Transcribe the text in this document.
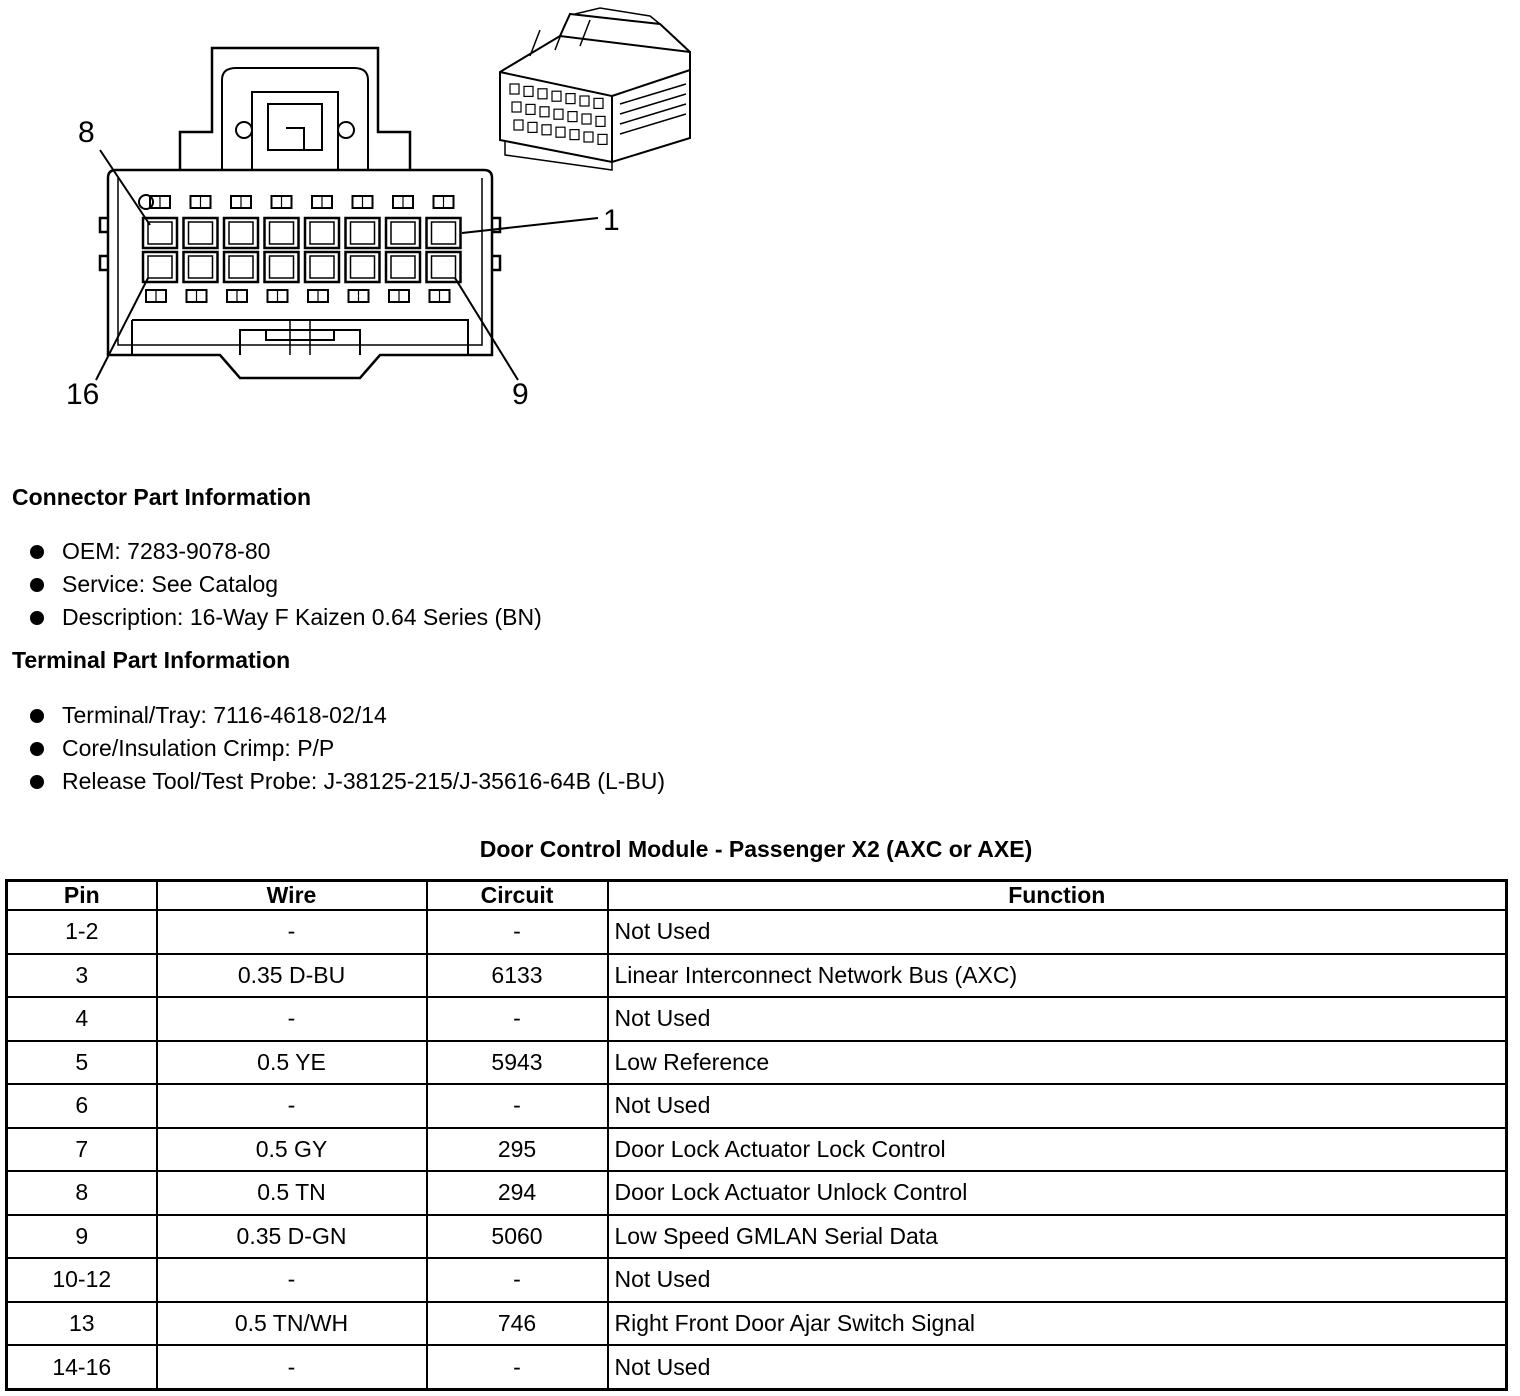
8
1
16	9
Connector Part Information
OEM: 7283-9078-80
Service: See Catalog
Description: 16-Way F Kaizen 0.64 Series (BN)
Terminal Part Information
Terminal/Tray: 7116-4618-02/14
Core/Insulation Crimp: P/P
Release Tool/Test Probe: J-38125-215/J-35616-64B (L-BU)
Door Control Module - Passenger X2 (AXC or AXE)
Pin	Wire	Circuit	Function
1-2	-	-	Not Used
3	0.35 D-BU	6133	Linear Interconnect Network Bus (AXC)
4	-	-	Not Used
5	0.5 YE	5943	Low Reference
6	-	-	Not Used
7	0.5 GY	295	Door Lock Actuator Lock Control
8	0.5 TN	294	Door Lock Actuator Unlock Control
9	0.35 D-GN	5060	Low Speed GMLAN Serial Data
10-12	-	-	Not Used
13	0.5 TN/WH	746	Right Front Door Ajar Switch Signal
14-16	-	-	Not Used
